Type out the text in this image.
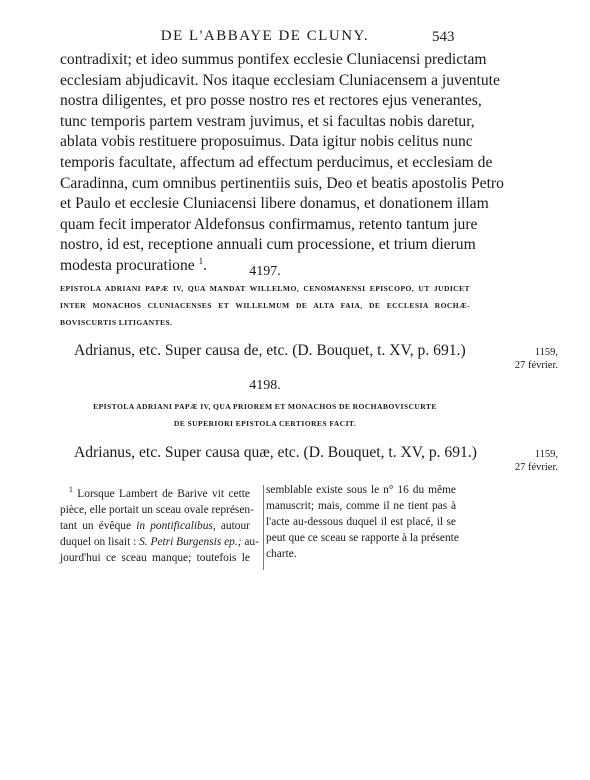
DE L'ABBAYE DE CLUNY.	543
contradixit; et ideo summus pontifex ecclesie Cluniacensi predictam
ecclesiam abjudicavit. Nos itaque ecclesiam Cluniacensem a juventute
nostra diligentes, et pro posse nostro res et rectores ejus venerantes,
tunc temporis partem vestram juvimus, et si facultas nobis daretur,
ablata vobis restituere proposuimus. Data igitur nobis celitus nunc
temporis facultate, affectum ad effectum perducimus, et ecclesiam de
Caradinna, cum omnibus pertinentiis suis, Deo et beatis apostolis Petro
et Paulo et ecclesie Cluniacensi libere donamus, et donationem illam
quam fecit imperator Aldefonsus confirmamus, retento tantum jure
nostro, id est, receptione annuali cum processione, et trium dierum
modesta procuratione $^1$.	4197.
EPISTOLA ADRIANI PAPÆ IV, QUA MANDAT WILLELMO, CENOMANENSI EPISCOPO, UT JUDICET
INTER MONACHOS CLUNIACENSES ET WILLELMUM DE ALTA FAIA, DE ECCLESIA ROCHÆ-
BOVISCURTIS LITIGANTES.
Adrianus, etc. Super causa de, etc. (D. Bouquet, t. XV, p. 691.)	1159,
27 février.
4198.
EPISTOLA ADRIANI PAPÆ IV, QUA PRIOREM ET MONACHOS DE ROCHABOVISCURTE
DE SUPERIORI EPISTOLA CERTIORES FACIT.
Adrianus, etc. Super causa quæ, etc. (D. Bouquet, t. XV, p. 691.)	1159,
27 février.
$^1$ Lorsque Lambert de Barive vit cette
pièce, elle portait un sceau ovale représen-
tant un évêque in pontificalibus, autour
duquel on lisait : S. Petri Burgensis ep.; au-
jourd'hui ce sceau manque; toutefois le
semblable existe sous le n° 16 du même
manuscrit; mais, comme il ne tient pas à
l'acte au-dessous duquel il est placé, il se
peut que ce sceau se rapporte à la présente
charte.
